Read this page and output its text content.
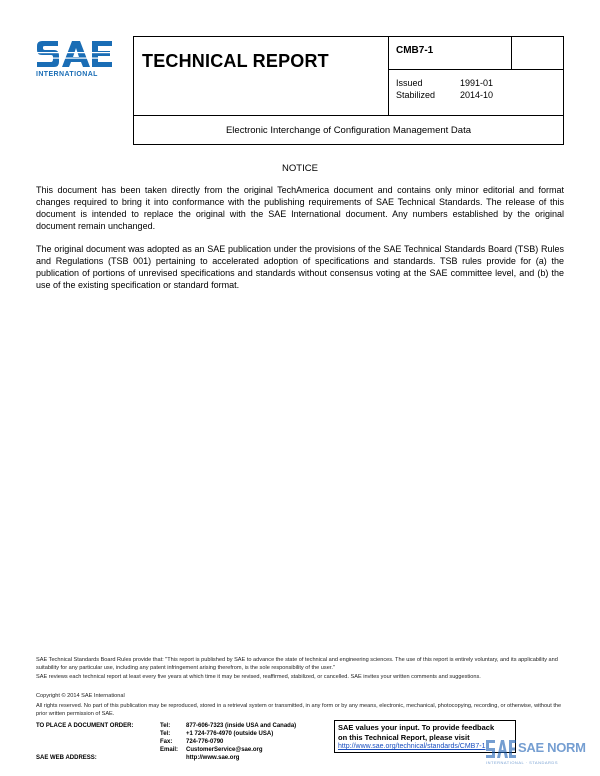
INTERNATIONAL
TECHNICAL REPORT
CMB7-1
Issued	1991-01
Stabilized	2014-10
Electronic Interchange of Configuration Management Data
NOTICE
This document has been taken directly from the original TechAmerica document and contains only minor editorial and format changes required to bring it into conformance with the publishing requirements of SAE Technical Standards. The release of this document is intended to replace the original with the SAE International document. Any numbers established by the original document remain unchanged.
The original document was adopted as an SAE publication under the provisions of the SAE Technical Standards Board (TSB) Rules and Regulations (TSB 001) pertaining to accelerated adoption of specifications and standards. TSB rules provide for (a) the publication of portions of unrevised specifications and standards without consensus voting at the SAE committee level, and (b) the use of the existing specification or standard format.
SAE Technical Standards Board Rules provide that: "This report is published by SAE to advance the state of technical and engineering sciences. The use of this report is entirely voluntary, and its applicability and suitability for any particular use, including any patent infringement arising therefrom, is the sole responsibility of the user."
SAE reviews each technical report at least every five years at which time it may be revised, reaffirmed, stabilized, or cancelled. SAE invites your written comments and suggestions.
Copyright © 2014 SAE International
All rights reserved. No part of this publication may be reproduced, stored in a retrieval system or transmitted, in any form or by any means, electronic, mechanical, photocopying, recording, or otherwise, without the prior written permission of SAE.
TO PLACE A DOCUMENT ORDER:	Tel:	877-606-7323 (inside USA and Canada)
Tel:	+1 724-776-4970 (outside USA)
Fax: 724-776-0790
Email: CustomerService@sae.org
SAE WEB ADDRESS:	http://www.sae.org
SAE values your input. To provide feedback
on this Technical Report, please visit
http://www.sae.org/technical/standards/CMB7-1	SAE NORM
INTERNATIONAL · STANDARDS
